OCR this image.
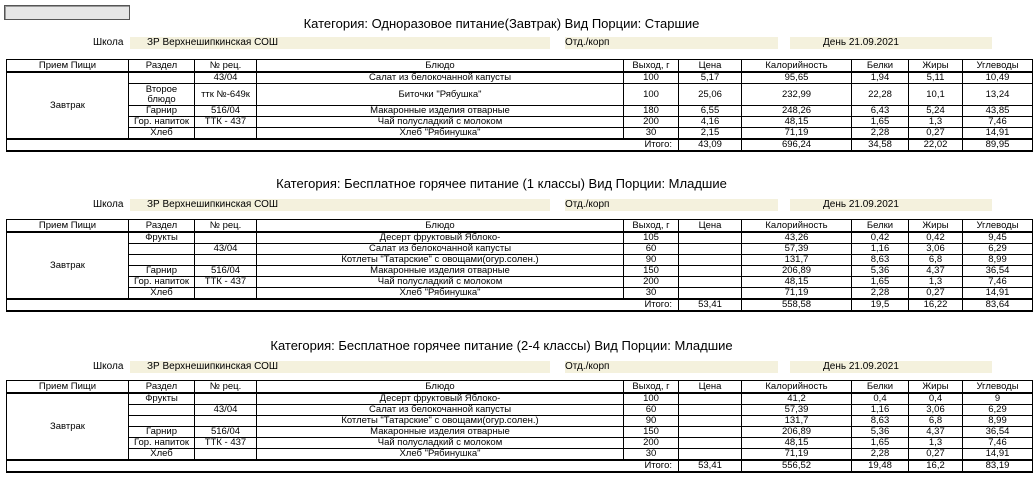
Категория: Одноразовое питание(Завтрак) Вид Порции: Старшие
Школа	ЗР Верхнешипкинская СОШ	Отд./корп	День 21.09.2021
Прием Пищи	Раздел	№ рец.	Блюдо	Выход, г	Цена	Калорийность	Белки	Жиры	Углеводы
Завтрак		43/04	Салат из белокочанной капусты	100	5,17	95,65	1,94	5,11	10,49
	Второе блюдо	ттк №-649к	Биточки "Рябушка"	100	25,06	232,99	22,28	10,1	13,24
	Гарнир	516/04	Макаронные изделия отварные	180	6,55	248,26	6,43	5,24	43,85
	Гор. напиток	ТТК - 437	Чай полусладкий с молоком	200	4,16	48,15	1,65	1,3	7,46
	Хлеб		Хлеб "Рябинушка"	30	2,15	71,19	2,28	0,27	14,91
Итого:					43,09	696,24	34,58	22,02	89,95
Категория: Бесплатное горячее питание (1 классы) Вид Порции: Младшие
Школа	ЗР Верхнешипкинская СОШ	Отд./корп	День 21.09.2021
Прием Пищи	Раздел	№ рец.	Блюдо	Выход, г	Цена	Калорийность	Белки	Жиры	Углеводы
Завтрак	Фрукты		Десерт фруктовый Яблоко-	105		43,26	0,42	0,42	9,45
		43/04	Салат из белокочанной капусты	60		57,39	1,16	3,06	6,29
			Котлеты "Татарские" с овощами(огур.солен.)	90		131,7	8,63	6,8	8,99
	Гарнир	516/04	Макаронные изделия отварные	150		206,89	5,36	4,37	36,54
	Гор. напиток	ТТК - 437	Чай полусладкий с молоком	200		48,15	1,65	1,3	7,46
	Хлеб		Хлеб "Рябинушка"	30		71,19	2,28	0,27	14,91
Итого:					53,41	558,58	19,5	16,22	83,64
Категория: Бесплатное горячее питание (2-4 классы) Вид Порции: Младшие
Школа	ЗР Верхнешипкинская СОШ	Отд./корп	День 21.09.2021
Прием Пищи	Раздел	№ рец.	Блюдо	Выход, г	Цена	Калорийность	Белки	Жиры	Углеводы
Завтрак	Фрукты		Десерт фруктовый Яблоко-	100		41,2	0,4	0,4	9
		43/04	Салат из белокочанной капусты	60		57,39	1,16	3,06	6,29
			Котлеты "Татарские" с овощами(огур.солен.)	90		131,7	8,63	6,8	8,99
	Гарнир	516/04	Макаронные изделия отварные	150		206,89	5,36	4,37	36,54
	Гор. напиток	ТТК - 437	Чай полусладкий с молоком	200		48,15	1,65	1,3	7,46
	Хлеб		Хлеб "Рябинушка"	30		71,19	2,28	0,27	14,91
Итого:					53,41	556,52	19,48	16,2	83,19
